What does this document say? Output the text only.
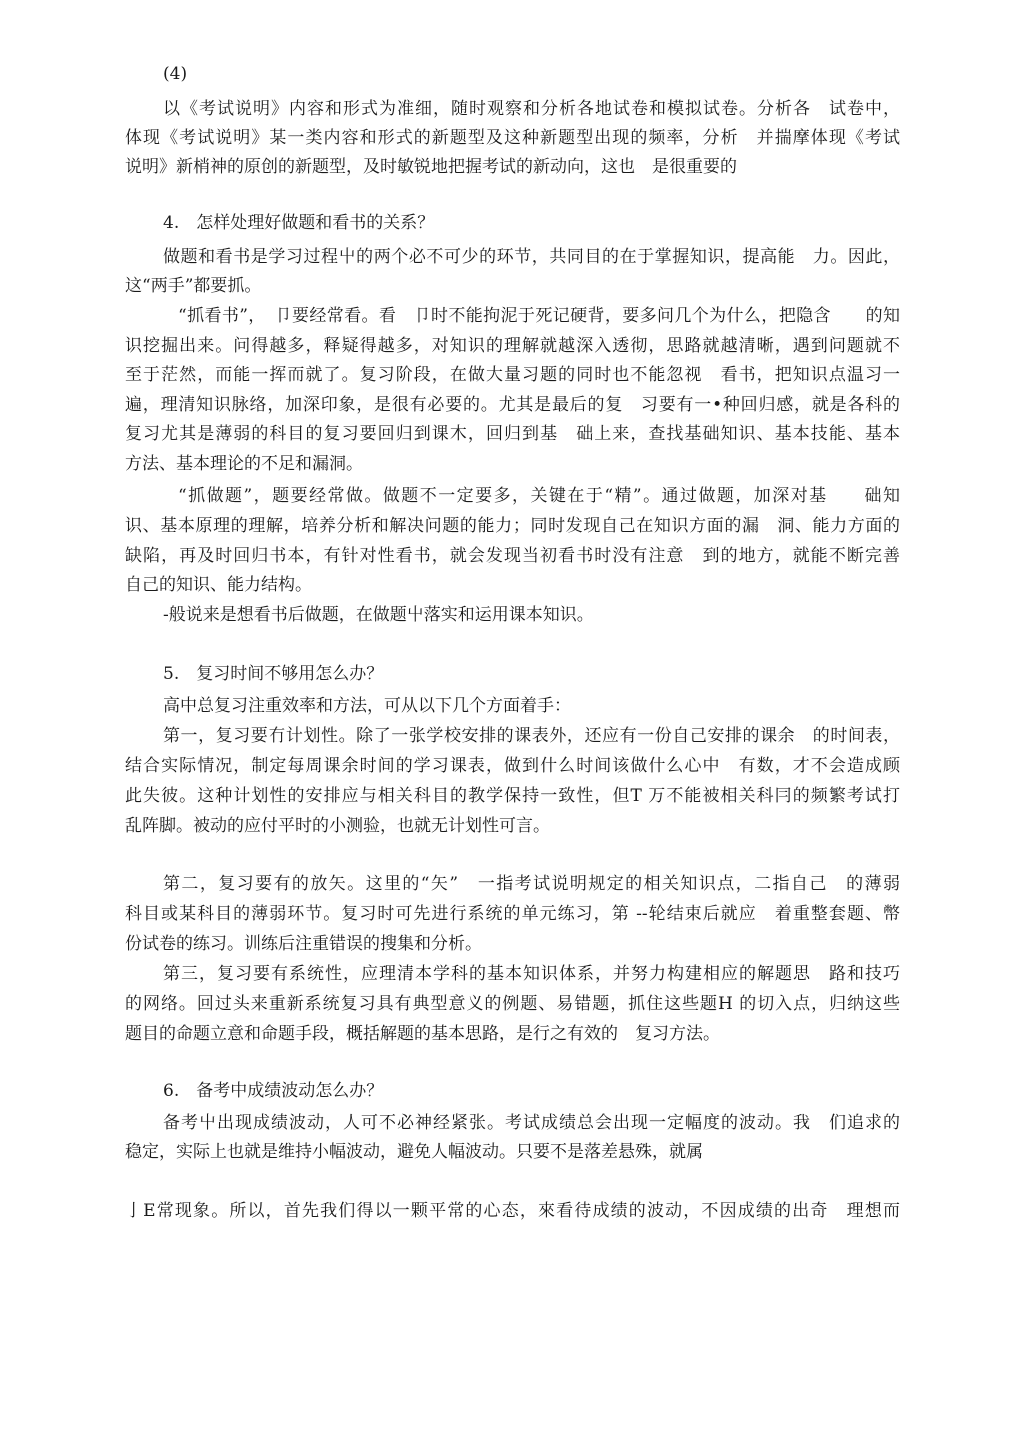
(4)
以《考试说明》内容和形式为准细，随时观察和分析各地试卷和模拟试卷。分析各　试卷中，
体现《考试说明》某一类内容和形式的新题型及这种新题型出现的频率，分析　并揣摩体现《考试
说明》新梢神的原创的新题型，及时敏锐地把握考试的新动向，这也　是很重要的
4.　怎样处理好做题和看书的关系？
做题和看书是学习过程屮的两个必不可少的环节，共同目的在于掌握知识，提高能　力。因此，
这“两手”都要抓。
“抓看书”，　卩要经常看。看　卩时不能拘泥于死记硬背，要多问几个为什么，把隐含　　的知
识挖掘出来。问得越多，释疑得越多，对知识的理解就越深入透彻，思路就越清晰，遇到问题就不
至于茫然，而能一挥而就了。复习阶段，在做大量习题的同时也不能忽视　看书，把知识点温习一
遍，理清知识脉络，加深印象，是很有必要的。尤其是最后的复　习要有一•种回归感，就是各科的
复习尤其是薄弱的科目的复习要回归到课木，回归到基　础上来，查找基础知识、基本技能、基本
方法、基本理论的不足和漏洞。
“抓做题”，题要经常做。做题不一定要多，关键在于“精”。通过做题，加深对基　　础知
识、基本原理的理解，培养分析和解决问题的能力；同时发现自己在知识方面的漏　洞、能力方面的
缺陷，再及时回归书本，有针对性看书，就会发现当初看书时没有注意　到的地方，就能不断完善
自己的知识、能力结构。
-般说来是想看书后做题，在做题屮落实和运用课本知识。
5.　复习时间不够用怎么办？
高中总复习注重效率和方法，可从以下几个方面着手：
第一，复习要冇计划性。除了一张学校安排的课表外，还应有一份自己安排的课余　的时间表，
结合实际情况，制定每周课余时间的学习课表，做到什么时间该做什么心中　有数，才不会造成顾
此失彼。这种计划性的安排应与相关科目的教学保持一致性，但T 万不能被相关科冃的频繁考试打
乱阵脚。被动的应付平时的小测验，也就无计划性可言。
第二，复习要有的放矢。这里的“矢”　一指考试说明规定的相关知识点，二指自己　的薄弱
科目或某科目的薄弱环节。复习时可先进行系统的单元练习，第 --轮结束后就应　着重整套题、幣
份试卷的练习。训练后注重错误的搜集和分析。
第三，复习要有系统性，应理清本学科的基本知识体系，并努力构建相应的解题思　路和技巧
的网络。回过头来重新系统复习具有典型意义的例题、易错题，抓住这些题H 的切入点，归纳这些
题目的命题立意和命题手段，概括解题的基本思路，是行之有效的　复习方法。
6.　备考中成绩波动怎么办？
备考屮出现成绩波动，人可不必神经紧张。考试成绩总会出现一定幅度的波动。我　们追求的
稳定，实际上也就是维持小幅波动，避免人幅波动。只要不是落差悬殊，就属
亅E常现象。所以，首先我们得以一颗平常的心态，來看待成绩的波动，不因成绩的出奇　理想而
